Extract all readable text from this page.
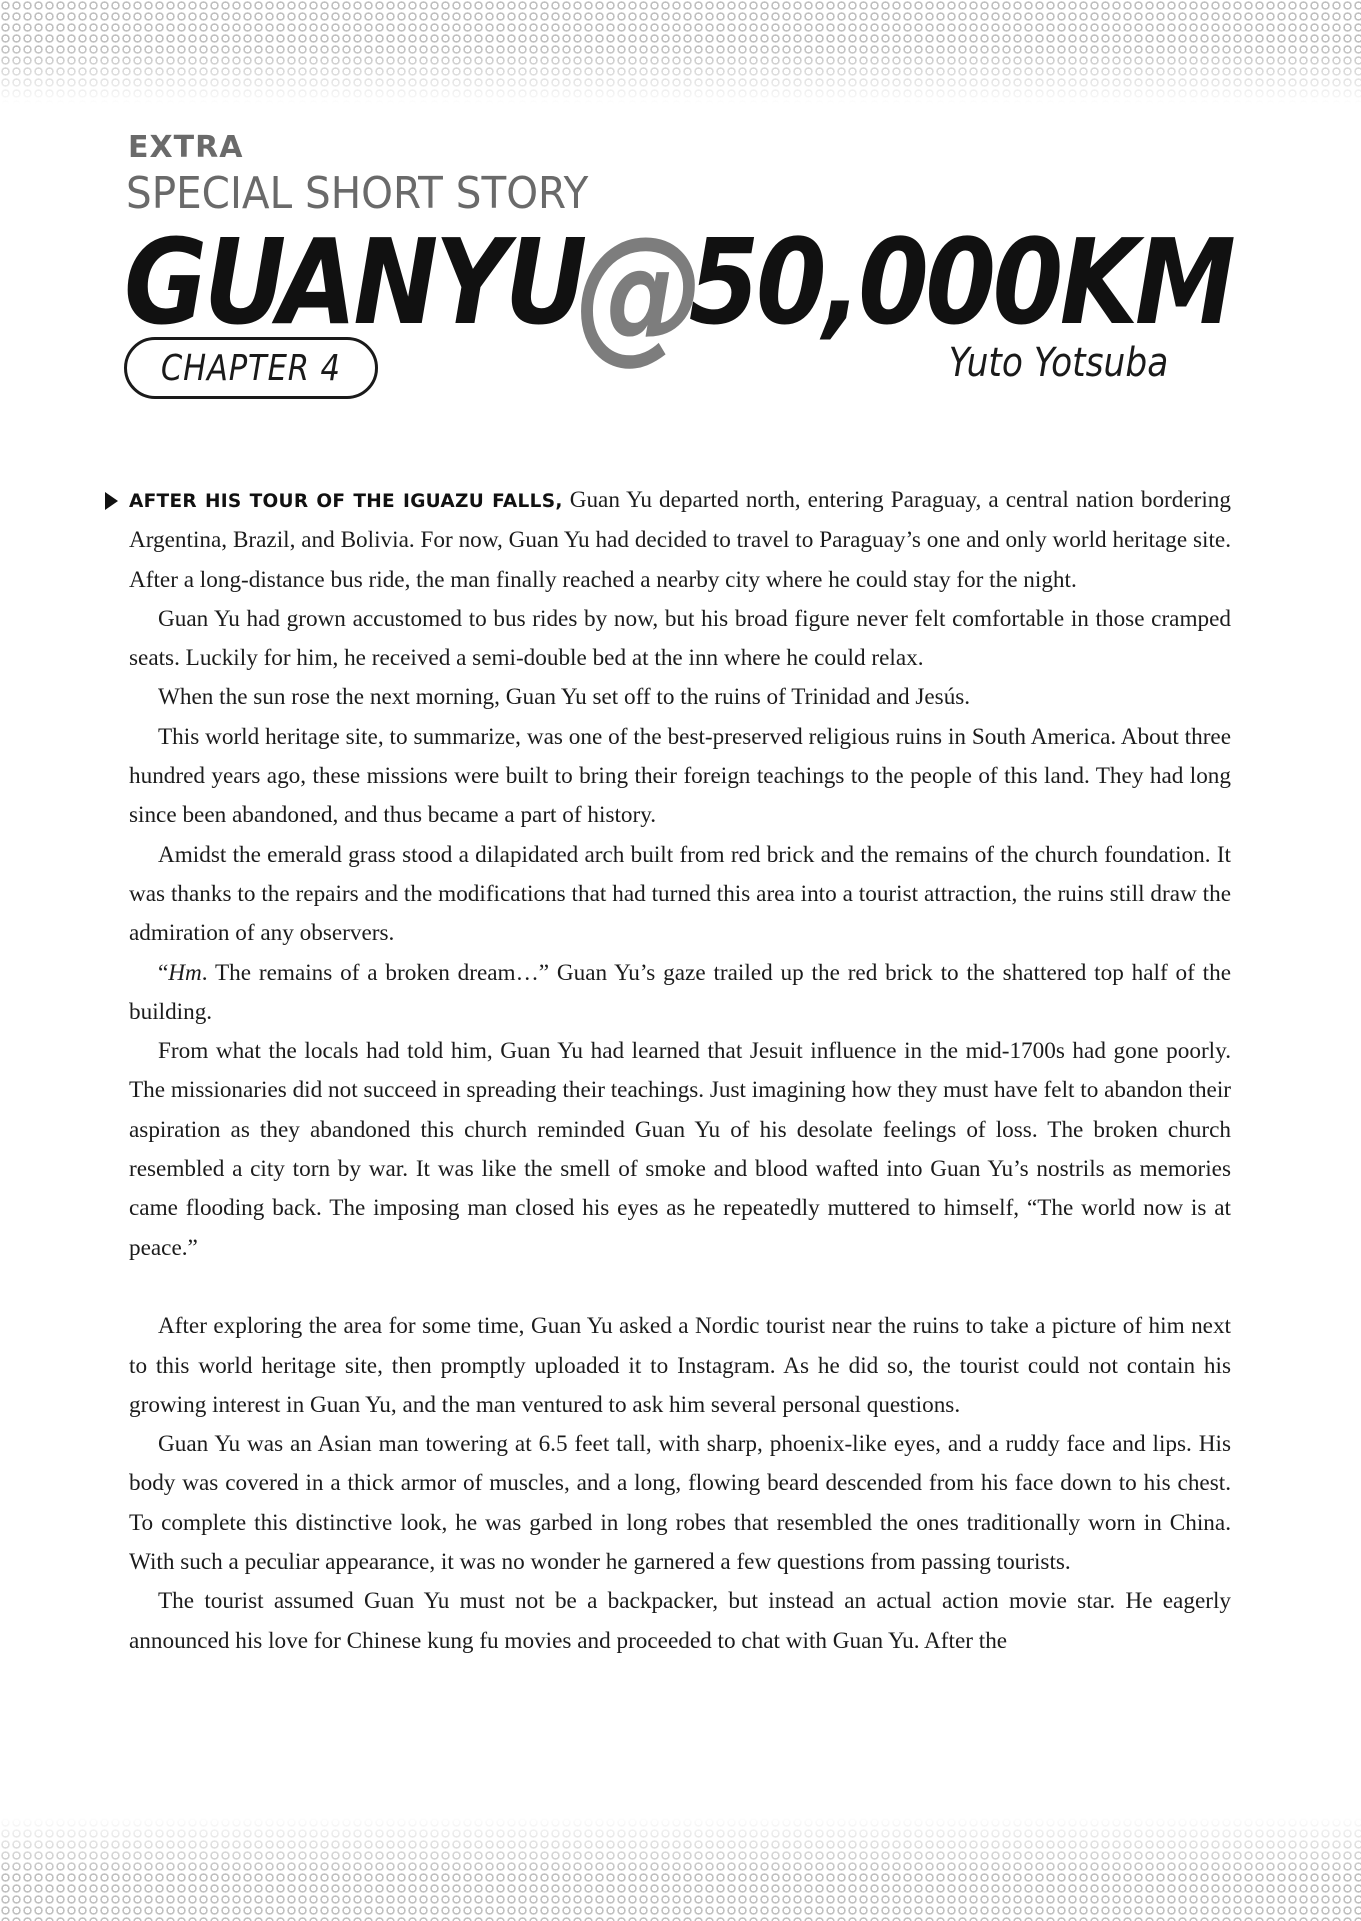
EXTRA
SPECIAL SHORT STORY
GUANYU@50,000KM
CHAPTER 4	Yuto Yotsuba

AFTER HIS TOUR OF THE IGUAZU FALLS, Guan Yu departed north, entering Paraguay, a central nation bordering Argentina, Brazil, and Bolivia. For now, Guan Yu had decided to travel to Paraguay’s one and only world heritage site. After a long-distance bus ride, the man finally reached a nearby city where he could stay for the night.

Guan Yu had grown accustomed to bus rides by now, but his broad figure never felt comfortable in those cramped seats. Luckily for him, he received a semi-double bed at the inn where he could relax.

When the sun rose the next morning, Guan Yu set off to the ruins of Trinidad and Jesús.

This world heritage site, to summarize, was one of the best-preserved religious ruins in South America. About three hundred years ago, these missions were built to bring their foreign teachings to the people of this land. They had long since been abandoned, and thus became a part of history.

Amidst the emerald grass stood a dilapidated arch built from red brick and the remains of the church foundation. It was thanks to the repairs and the modifications that had turned this area into a tourist attraction, the ruins still draw the admiration of any observers.

“Hm. The remains of a broken dream…” Guan Yu’s gaze trailed up the red brick to the shattered top half of the building.

From what the locals had told him, Guan Yu had learned that Jesuit influence in the mid-1700s had gone poorly. The missionaries did not succeed in spreading their teachings. Just imagining how they must have felt to abandon their aspiration as they abandoned this church reminded Guan Yu of his desolate feelings of loss. The broken church resembled a city torn by war. It was like the smell of smoke and blood wafted into Guan Yu’s nostrils as memories came flooding back. The imposing man closed his eyes as he repeatedly muttered to himself, “The world now is at peace.”

After exploring the area for some time, Guan Yu asked a Nordic tourist near the ruins to take a picture of him next to this world heritage site, then promptly uploaded it to Instagram. As he did so, the tourist could not contain his growing interest in Guan Yu, and the man ventured to ask him several personal questions.

Guan Yu was an Asian man towering at 6.5 feet tall, with sharp, phoenix-like eyes, and a ruddy face and lips. His body was covered in a thick armor of muscles, and a long, flowing beard descended from his face down to his chest. To complete this distinctive look, he was garbed in long robes that resembled the ones traditionally worn in China. With such a peculiar appearance, it was no wonder he garnered a few questions from passing tourists.

The tourist assumed Guan Yu must not be a backpacker, but instead an actual action movie star. He eagerly announced his love for Chinese kung fu movies and proceeded to chat with Guan Yu. After the
